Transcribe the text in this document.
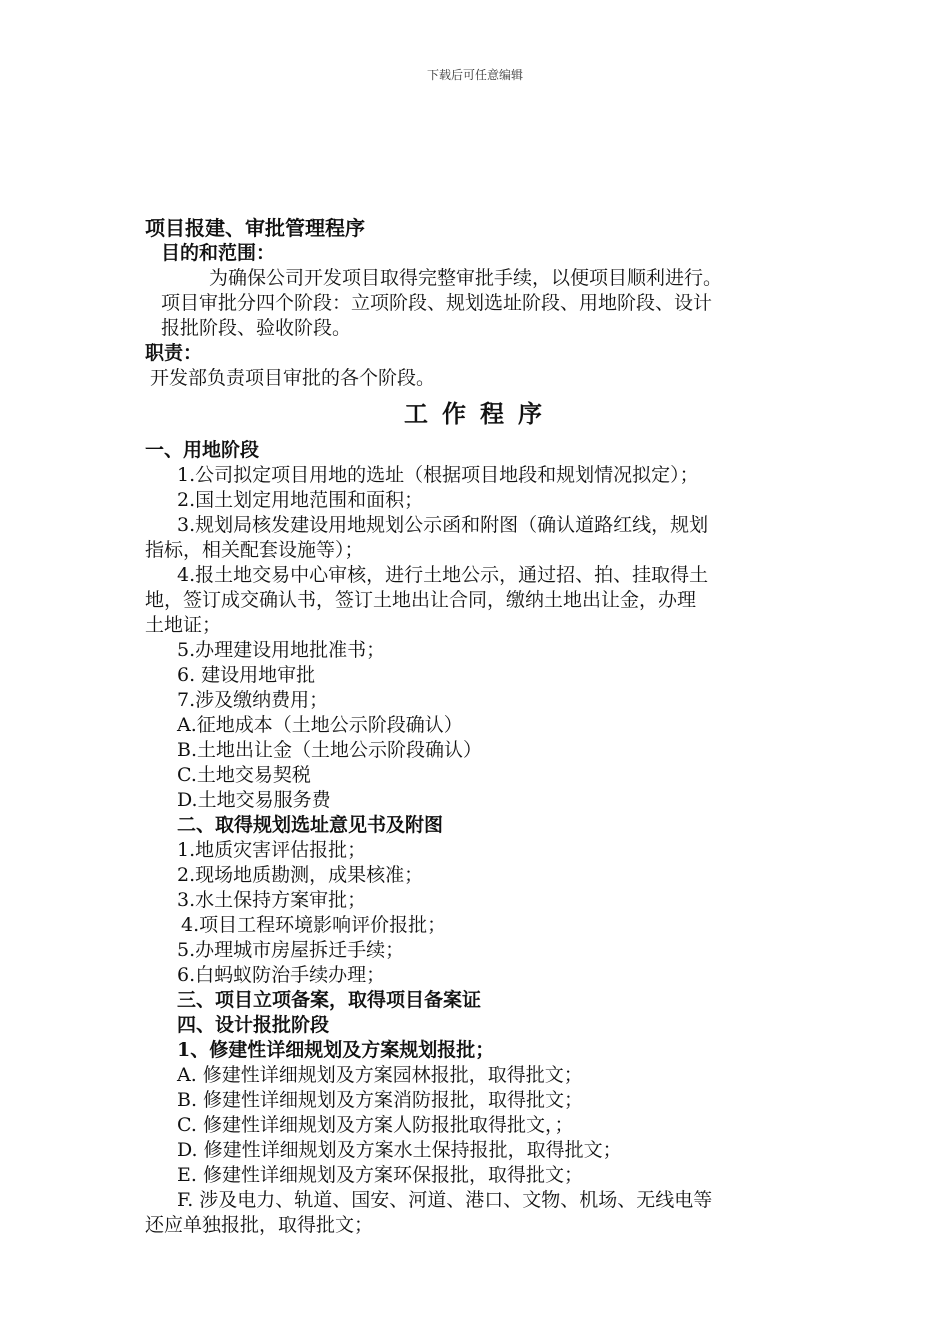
下载后可任意编辑

项目报建、审批管理程序

目的和范围：

为确保公司开发项目取得完整审批手续，以便项目顺利进行。

项目审批分四个阶段：立项阶段、规划选址阶段、用地阶段、设计

报批阶段、验收阶段。

职责：

开发部负责项目审批的各个阶段。

工作程序

一、用地阶段

1.公司拟定项目用地的选址（根据项目地段和规划情况拟定）；

2.国土划定用地范围和面积；

3.规划局核发建设用地规划公示函和附图（确认道路红线，规划

指标，相关配套设施等）；

4.报土地交易中心审核，进行土地公示，通过招、拍、挂取得土

地，签订成交确认书，签订土地出让合同，缴纳土地出让金，办理

土地证；

5.办理建设用地批准书；

6. 建设用地审批

7.涉及缴纳费用；

A.征地成本（土地公示阶段确认）

B.土地出让金（土地公示阶段确认）

C.土地交易契税

D.土地交易服务费

二、取得规划选址意见书及附图

1.地质灾害评估报批；

2.现场地质勘测，成果核准；

3.水土保持方案审批；

4.项目工程环境影响评价报批；

5.办理城市房屋拆迁手续；

6.白蚂蚁防治手续办理；

三、项目立项备案，取得项目备案证

四、设计报批阶段

1、修建性详细规划及方案规划报批；

A. 修建性详细规划及方案园林报批，取得批文；

B. 修建性详细规划及方案消防报批，取得批文；

C. 修建性详细规划及方案人防报批取得批文，；

D. 修建性详细规划及方案水土保持报批，取得批文；

E. 修建性详细规划及方案环保报批，取得批文；

F. 涉及电力、轨道、国安、河道、港口、文物、机场、无线电等

还应单独报批，取得批文；
